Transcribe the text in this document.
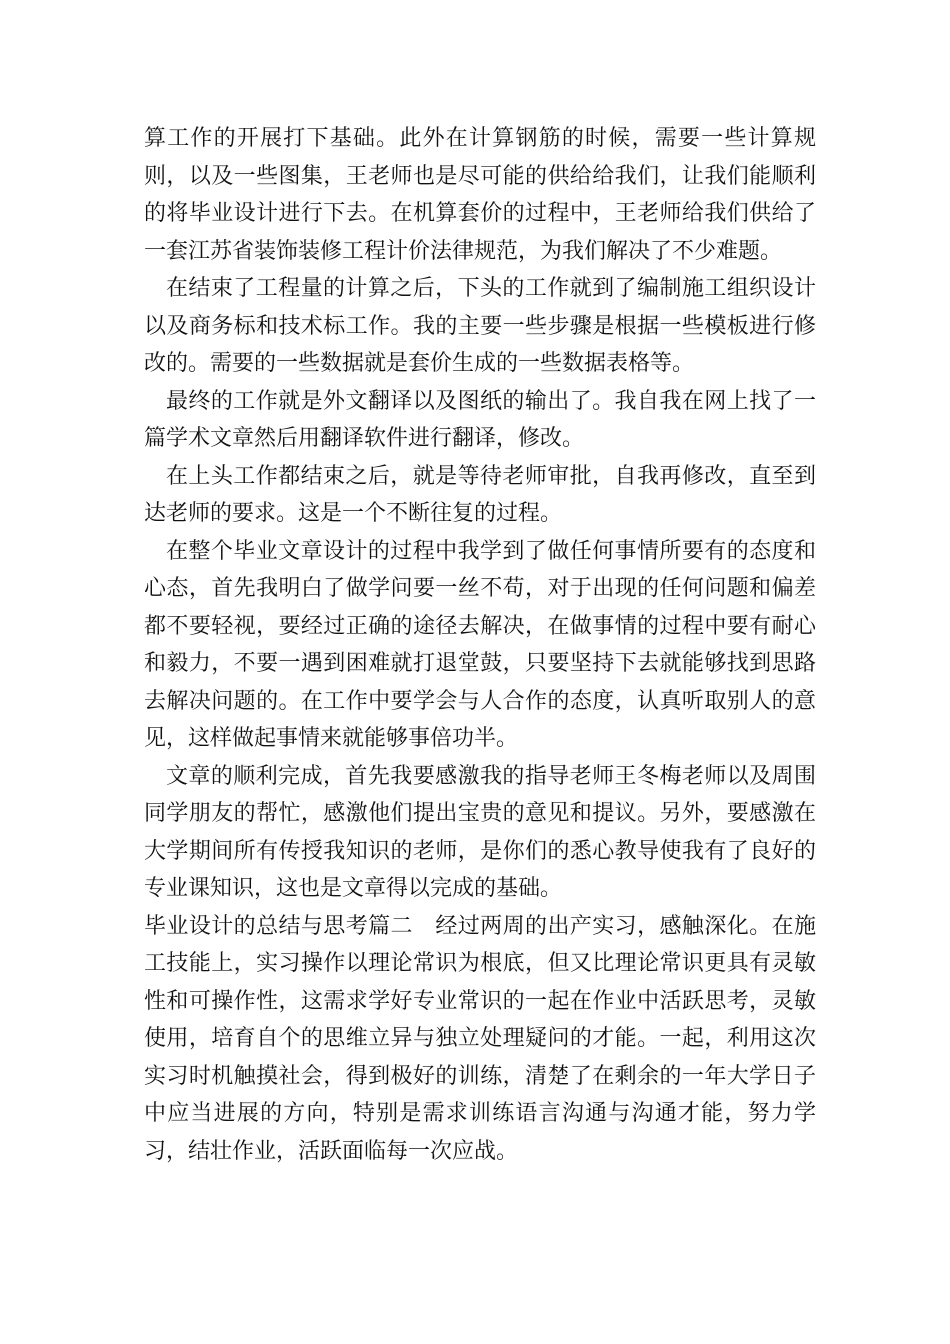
算工作的开展打下基础。此外在计算钢筋的时候，需要一些计算规则，以及一些图集，王老师也是尽可能的供给给我们，让我们能顺利的将毕业设计进行下去。在机算套价的过程中，王老师给我们供给了一套江苏省装饰装修工程计价法律规范，为我们解决了不少难题。

在结束了工程量的计算之后，下头的工作就到了编制施工组织设计以及商务标和技术标工作。我的主要一些步骤是根据一些模板进行修改的。需要的一些数据就是套价生成的一些数据表格等。

最终的工作就是外文翻译以及图纸的输出了。我自我在网上找了一篇学术文章然后用翻译软件进行翻译，修改。

在上头工作都结束之后，就是等待老师审批，自我再修改，直至到达老师的要求。这是一个不断往复的过程。

在整个毕业文章设计的过程中我学到了做任何事情所要有的态度和心态，首先我明白了做学问要一丝不苟，对于出现的任何问题和偏差都不要轻视，要经过正确的途径去解决，在做事情的过程中要有耐心和毅力，不要一遇到困难就打退堂鼓，只要坚持下去就能够找到思路去解决问题的。在工作中要学会与人合作的态度，认真听取别人的意见，这样做起事情来就能够事倍功半。

文章的顺利完成，首先我要感激我的指导老师王冬梅老师以及周围同学朋友的帮忙，感激他们提出宝贵的意见和提议。另外，要感激在大学期间所有传授我知识的老师，是你们的悉心教导使我有了良好的专业课知识，这也是文章得以完成的基础。

毕业设计的总结与思考篇二　经过两周的出产实习，感触深化。在施工技能上，实习操作以理论常识为根底，但又比理论常识更具有灵敏性和可操作性，这需求学好专业常识的一起在作业中活跃思考，灵敏使用，培育自个的思维立异与独立处理疑问的才能。一起，利用这次实习时机触摸社会，得到极好的训练，清楚了在剩余的一年大学日子中应当进展的方向，特别是需求训练语言沟通与沟通才能，努力学习，结壮作业，活跃面临每一次应战。
